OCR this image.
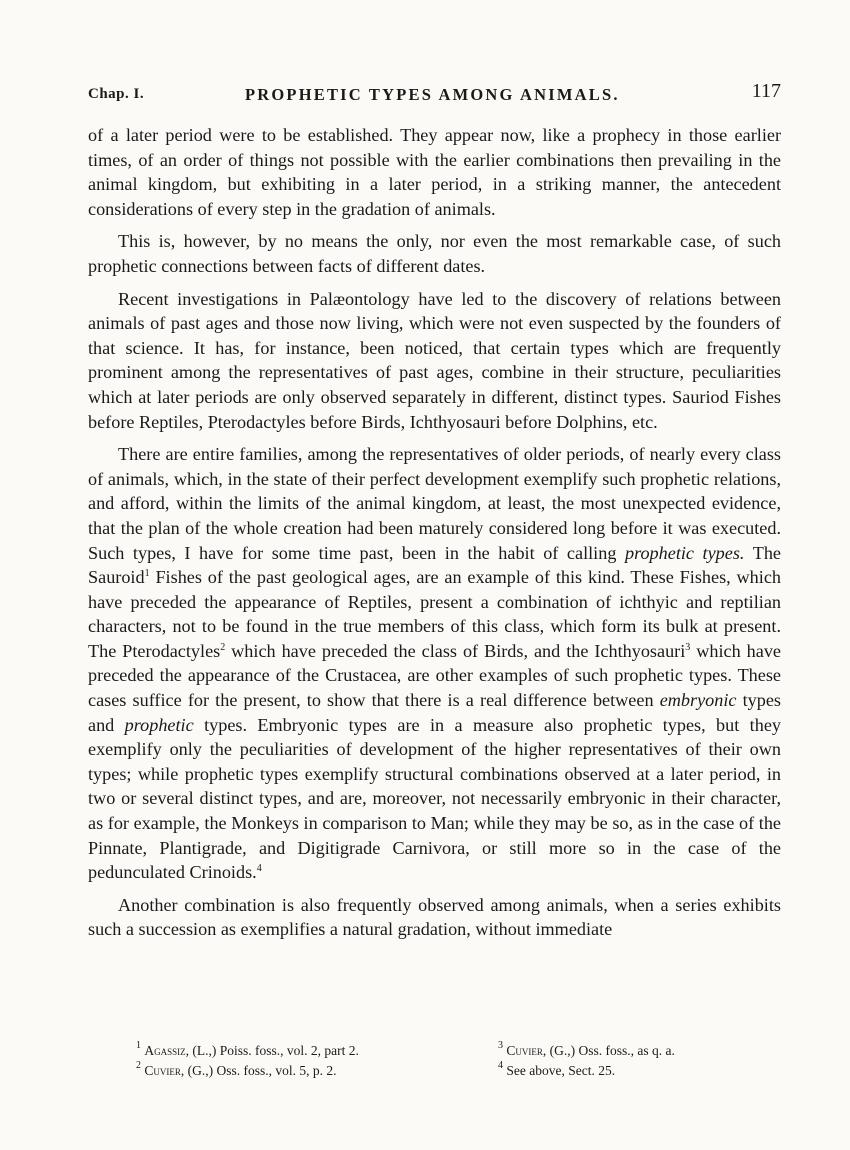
Chap. I.	PROPHETIC TYPES AMONG ANIMALS.	117

of a later period were to be established. They appear now, like a prophecy in those earlier times, of an order of things not possible with the earlier combinations then prevailing in the animal kingdom, but exhibiting in a later period, in a striking manner, the antecedent considerations of every step in the gradation of animals.

This is, however, by no means the only, nor even the most remarkable case, of such prophetic connections between facts of different dates.

Recent investigations in Palæontology have led to the discovery of relations between animals of past ages and those now living, which were not even suspected by the founders of that science. It has, for instance, been noticed, that certain types which are frequently prominent among the representatives of past ages, combine in their structure, peculiarities which at later periods are only observed separately in different, distinct types. Sauriod Fishes before Reptiles, Pterodactyles before Birds, Ichthyosauri before Dolphins, etc.

There are entire families, among the representatives of older periods, of nearly every class of animals, which, in the state of their perfect development exemplify such prophetic relations, and afford, within the limits of the animal kingdom, at least, the most unexpected evidence, that the plan of the whole creation had been maturely considered long before it was executed. Such types, I have for some time past, been in the habit of calling prophetic types. The Sauroid$^1$ Fishes of the past geological ages, are an example of this kind. These Fishes, which have preceded the appearance of Reptiles, present a combination of ichthyic and reptilian characters, not to be found in the true members of this class, which form its bulk at present. The Pterodactyles$^2$ which have preceded the class of Birds, and the Ichthyosauri$^3$ which have preceded the appearance of the Crustacea, are other examples of such prophetic types. These cases suffice for the present, to show that there is a real difference between embryonic types and prophetic types. Embryonic types are in a measure also prophetic types, but they exemplify only the peculiarities of development of the higher representatives of their own types; while prophetic types exemplify structural combinations observed at a later period, in two or several distinct types, and are, moreover, not necessarily embryonic in their character, as for example, the Monkeys in comparison to Man; while they may be so, as in the case of the Pinnate, Plantigrade, and Digitigrade Carnivora, or still more so in the case of the pedunculated Crinoids.$^4$

Another combination is also frequently observed among animals, when a series exhibits such a succession as exemplifies a natural gradation, without immediate

$^1$ Agassiz, (L.,) Poiss. foss., vol. 2, part 2.
$^2$ Cuvier, (G.,) Oss. foss., vol. 5, p. 2.
$^3$ Cuvier, (G.,) Oss. foss., as q. a.
$^4$ See above, Sect. 25.
